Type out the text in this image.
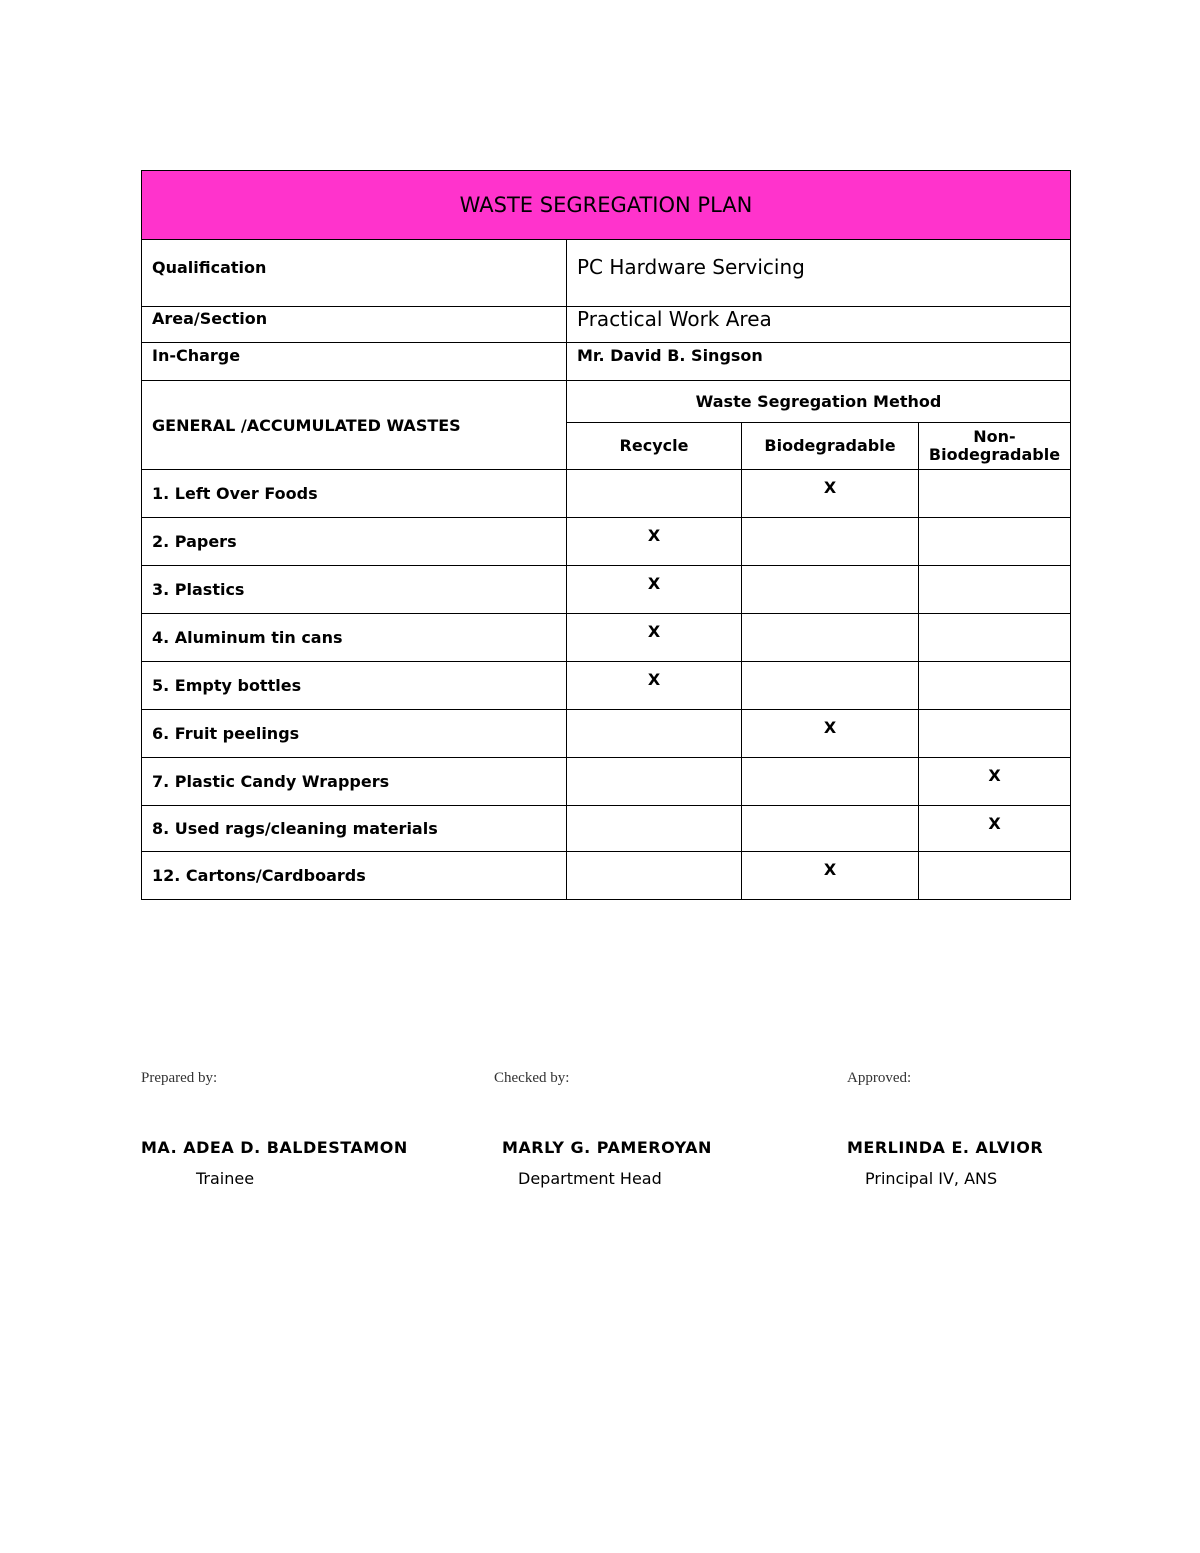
WASTE SEGREGATION PLAN			
Qualification	PC Hardware Servicing		
Area/Section	Practical Work Area		
In-Charge	Mr. David B. Singson		
GENERAL /ACCUMULATED WASTES	Waste Segregation Method		
	Recycle	Biodegradable	Non-
Biodegradable
1. Left Over Foods		X	
2. Papers	X		
3. Plastics	X		
4. Aluminum tin cans	X		
5. Empty bottles	X		
6. Fruit peelings		X	
7. Plastic Candy Wrappers			X
8. Used rags/cleaning materials			X
12. Cartons/Cardboards		X	
Prepared by:
MA. ADEA D. BALDESTAMON
Trainee
Checked by:
MARLY G. PAMEROYAN
Department Head
Approved:
MERLINDA E. ALVIOR
Principal IV, ANS
